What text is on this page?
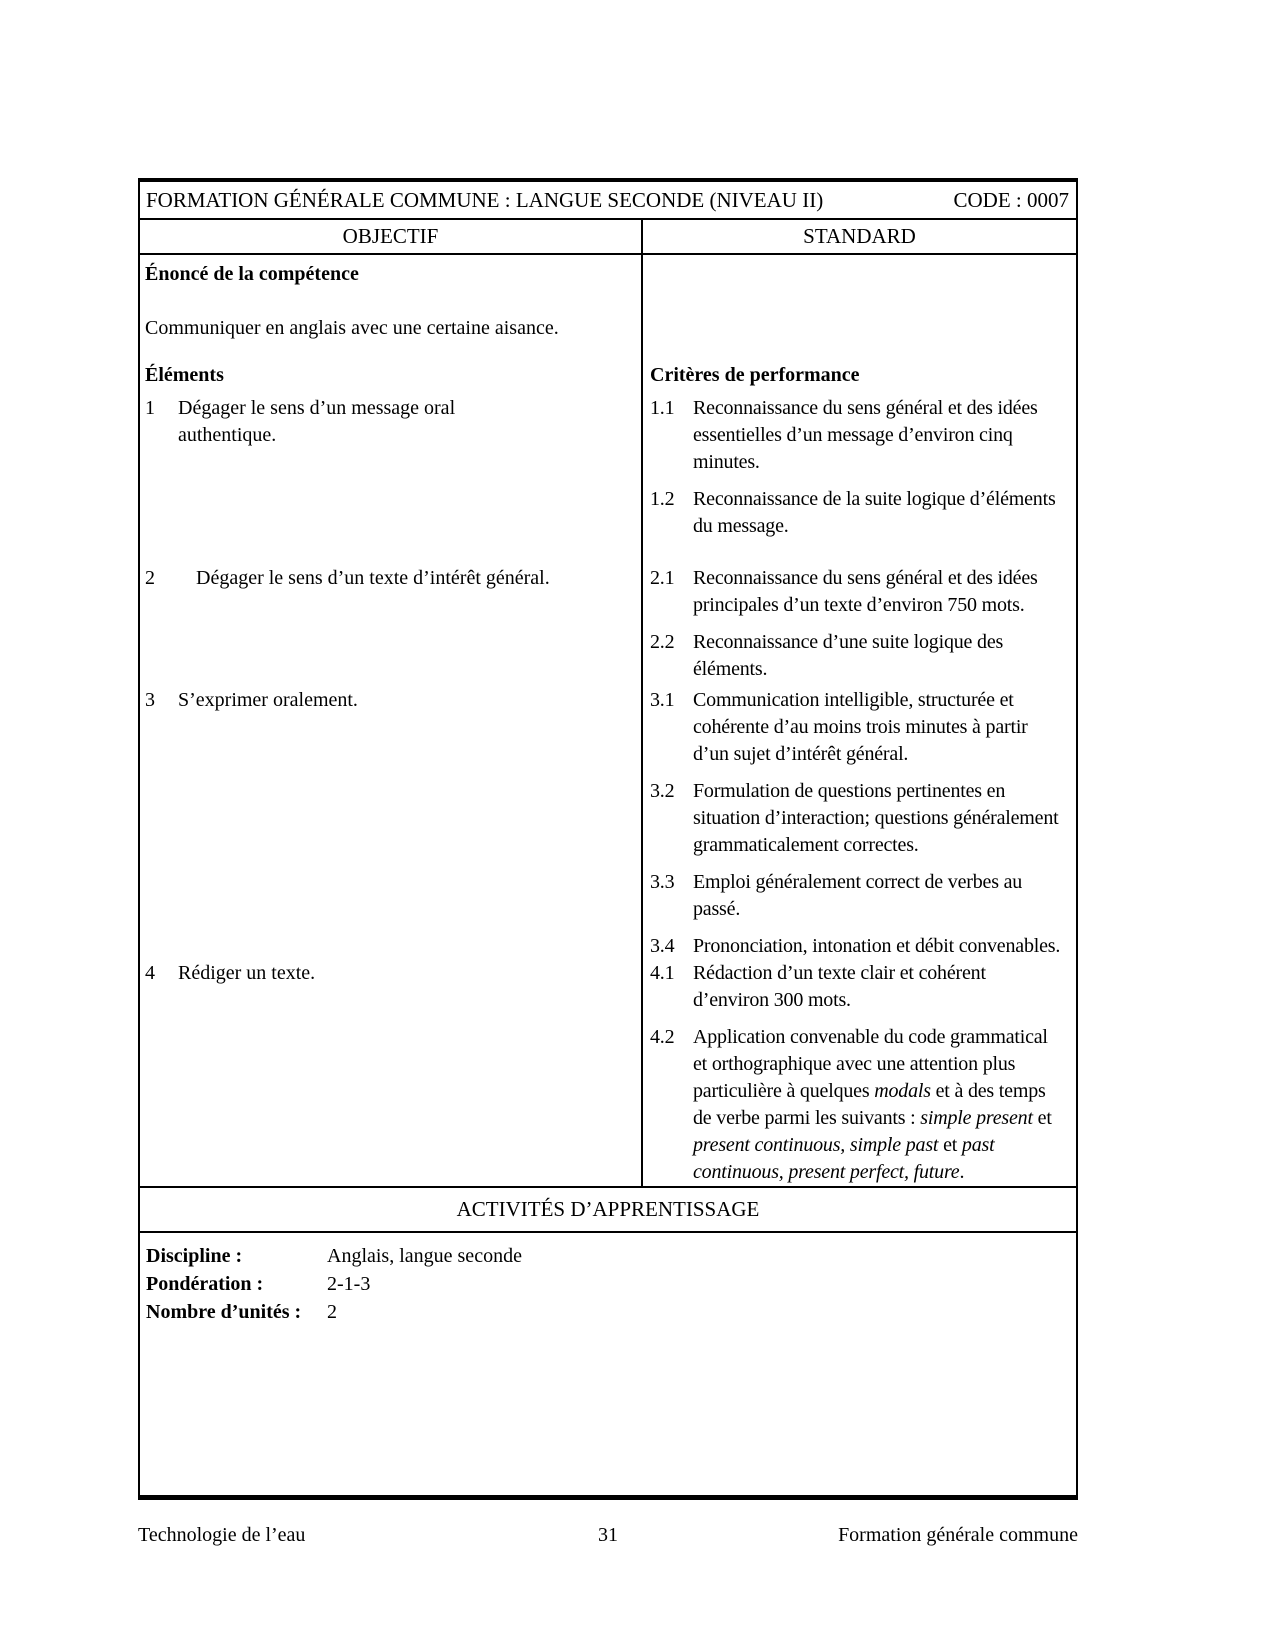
FORMATION GÉNÉRALE COMMUNE : LANGUE SECONDE (NIVEAU II)	CODE : 0007
OBJECTIF	STANDARD
Énoncé de la compétence
Communiquer en anglais avec une certaine aisance.
Éléments	Critères de performance
1	Dégager le sens d’un message oral
authentique.
1.1 Reconnaissance du sens général et des idées
essentielles d’un message d’environ cinq
minutes.
1.2 Reconnaissance de la suite logique d’éléments
du message.
2	Dégager le sens d’un texte d’intérêt général.	2.1 Reconnaissance du sens général et des idées
principales d’un texte d’environ 750 mots.
2.2 Reconnaissance d’une suite logique des
éléments.
3	S’exprimer oralement.	3.1 Communication intelligible, structurée et
cohérente d’au moins trois minutes à partir
d’un sujet d’intérêt général.
3.2 Formulation de questions pertinentes en
situation d’interaction; questions généralement
grammaticalement correctes.
3.3 Emploi généralement correct de verbes au
passé.
3.4 Prononciation, intonation et débit convenables.
4	Rédiger un texte.	4.1 Rédaction d’un texte clair et cohérent
d’environ 300 mots.
4.2 Application convenable du code grammatical
et orthographique avec une attention plus
particulière à quelques modals et à des temps
de verbe parmi les suivants : simple present et
present continuous, simple past et past
continuous, present perfect, future.
ACTIVITÉS D’APPRENTISSAGE
Discipline :	Anglais, langue seconde
Pondération :	2-1-3
Nombre d’unités :	2
Technologie de l’eau	31	Formation générale commune
